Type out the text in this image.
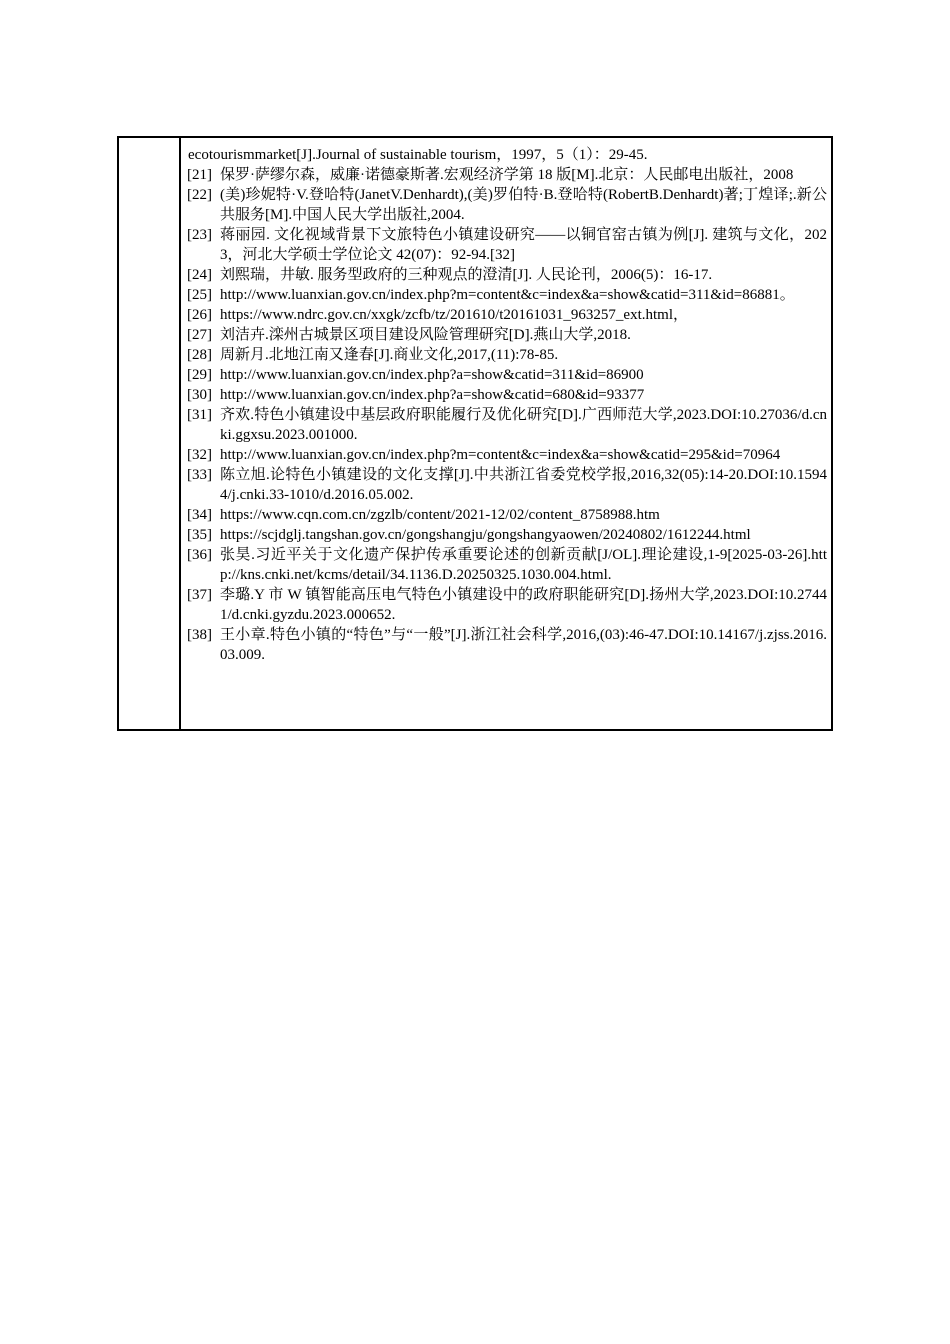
ecotourismmarket[J].Journal of sustainable tourism，1997，5（1）：29-45.
[21] 保罗·萨缪尔森，威廉·诺德豪斯著.宏观经济学第 18 版[M].北京：人民邮电出版社，2008
[22] (美)珍妮特·V.登哈特(JanetV.Denhardt),(美)罗伯特·B.登哈特(RobertB.Denhardt)著;丁煌译;.新公共服务[M].中国人民大学出版社,2004.
[23] 蒋丽园. 文化视域背景下文旅特色小镇建设研究——以铜官窑古镇为例[J]. 建筑与文化，2023，河北大学硕士学位论文 42(07)：92-94.[32]
[24] 刘熙瑞，井敏. 服务型政府的三种观点的澄清[J]. 人民论刊，2006(5)：16-17.
[25] http://www.luanxian.gov.cn/index.php?m=content&c=index&a=show&catid=311&id=86881。
[26] https://www.ndrc.gov.cn/xxgk/zcfb/tz/201610/t20161031_963257_ext.html，
[27] 刘洁卉.滦州古城景区项目建设风险管理研究[D].燕山大学,2018.
[28] 周新月.北地江南又逢春[J].商业文化,2017,(11):78-85.
[29] http://www.luanxian.gov.cn/index.php?a=show&catid=311&id=86900
[30] http://www.luanxian.gov.cn/index.php?a=show&catid=680&id=93377
[31] 齐欢.特色小镇建设中基层政府职能履行及优化研究[D].广西师范大学,2023.DOI:10.27036/d.cnki.ggxsu.2023.001000.
[32] http://www.luanxian.gov.cn/index.php?m=content&c=index&a=show&catid=295&id=70964
[33] 陈立旭.论特色小镇建设的文化支撑[J].中共浙江省委党校学报,2016,32(05):14-20.DOI:10.15944/j.cnki.33-1010/d.2016.05.002.
[34] https://www.cqn.com.cn/zgzlb/content/2021-12/02/content_8758988.htm
[35] https://scjdglj.tangshan.gov.cn/gongshangju/gongshangyaowen/20240802/1612244.html
[36] 张昊.习近平关于文化遗产保护传承重要论述的创新贡献[J/OL].理论建设,1-9[2025-03-26].http://kns.cnki.net/kcms/detail/34.1136.D.20250325.1030.004.html.
[37] 李璐.Y 市 W 镇智能高压电气特色小镇建设中的政府职能研究[D].扬州大学,2023.DOI:10.27441/d.cnki.gyzdu.2023.000652.
[38] 王小章.特色小镇的“特色”与“一般”[J].浙江社会科学,2016,(03):46-47.DOI:10.14167/j.zjss.2016.03.009.
